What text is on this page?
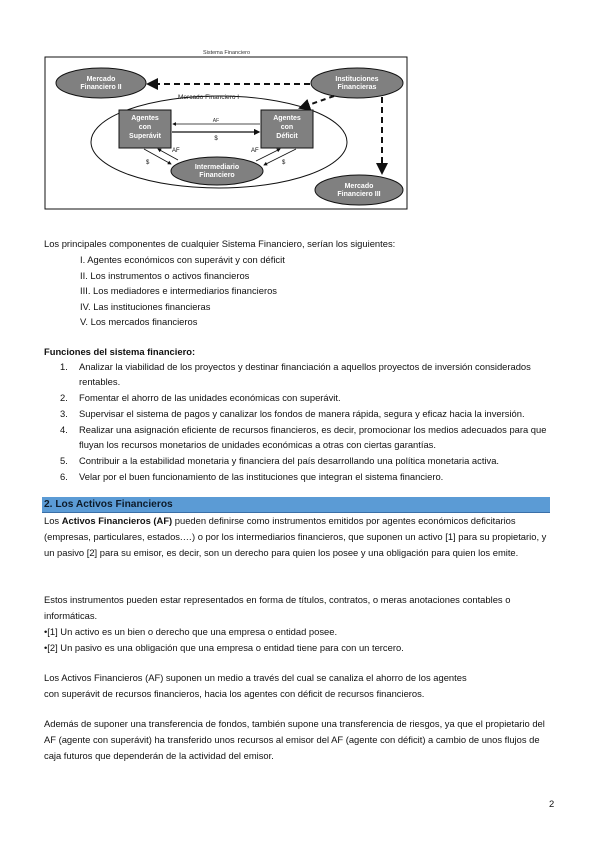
Sistema Financiero
Mercado Financiero I
Mercado
Financiero II
Instituciones
Financieras
Agentes
con
Superávit
Agentes
con
Déficit
Intermediario
Financiero
Mercado
Financiero III
AF
$
AF
$
AF
$
Los principales componentes de cualquier Sistema Financiero, serían los siguientes:
I. Agentes económicos con superávit y con déficit
II. Los instrumentos o activos financieros
III. Los mediadores e intermediarios financieros
IV. Las instituciones financieras
V. Los mercados financieros
Funciones del sistema financiero:
1. Analizar la viabilidad de los proyectos y destinar financiación a aquellos proyectos de inversión considerados rentables.
2. Fomentar el ahorro de las unidades económicas con superávit.
3. Supervisar el sistema de pagos y canalizar los fondos de manera rápida, segura y eficaz hacia la inversión.
4. Realizar una asignación eficiente de recursos financieros, es decir, promocionar los medios adecuados para que fluyan los recursos monetarios de unidades económicas a otras con ciertas garantías.
5. Contribuir a la estabilidad monetaria y financiera del país desarrollando una política monetaria activa.
6. Velar por el buen funcionamiento de las instituciones que integran el sistema financiero.
2. Los Activos Financieros
Los Activos Financieros (AF) pueden definirse como instrumentos emitidos por agentes económicos deficitarios (empresas, particulares, estados.…) o por los intermediarios financieros, que suponen un activo [1] para su propietario, y un pasivo [2] para su emisor, es decir, son un derecho para quien los posee y una obligación para quien los emite.
Estos instrumentos pueden estar representados en forma de títulos, contratos, o meras anotaciones contables o informáticas.
•[1] Un activo es un bien o derecho que una empresa o entidad posee.
•[2] Un pasivo es una obligación que una empresa o entidad tiene para con un tercero.
Los Activos Financieros (AF) suponen un medio a través del cual se canaliza el ahorro de los agentes
con superávit de recursos financieros, hacia los agentes con déficit de recursos financieros.
Además de suponer una transferencia de fondos, también supone una transferencia de riesgos, ya que el propietario del AF (agente con superávit) ha transferido unos recursos al emisor del AF (agente con déficit) a cambio de unos flujos de caja futuros que dependerán de la actividad del emisor.
2
